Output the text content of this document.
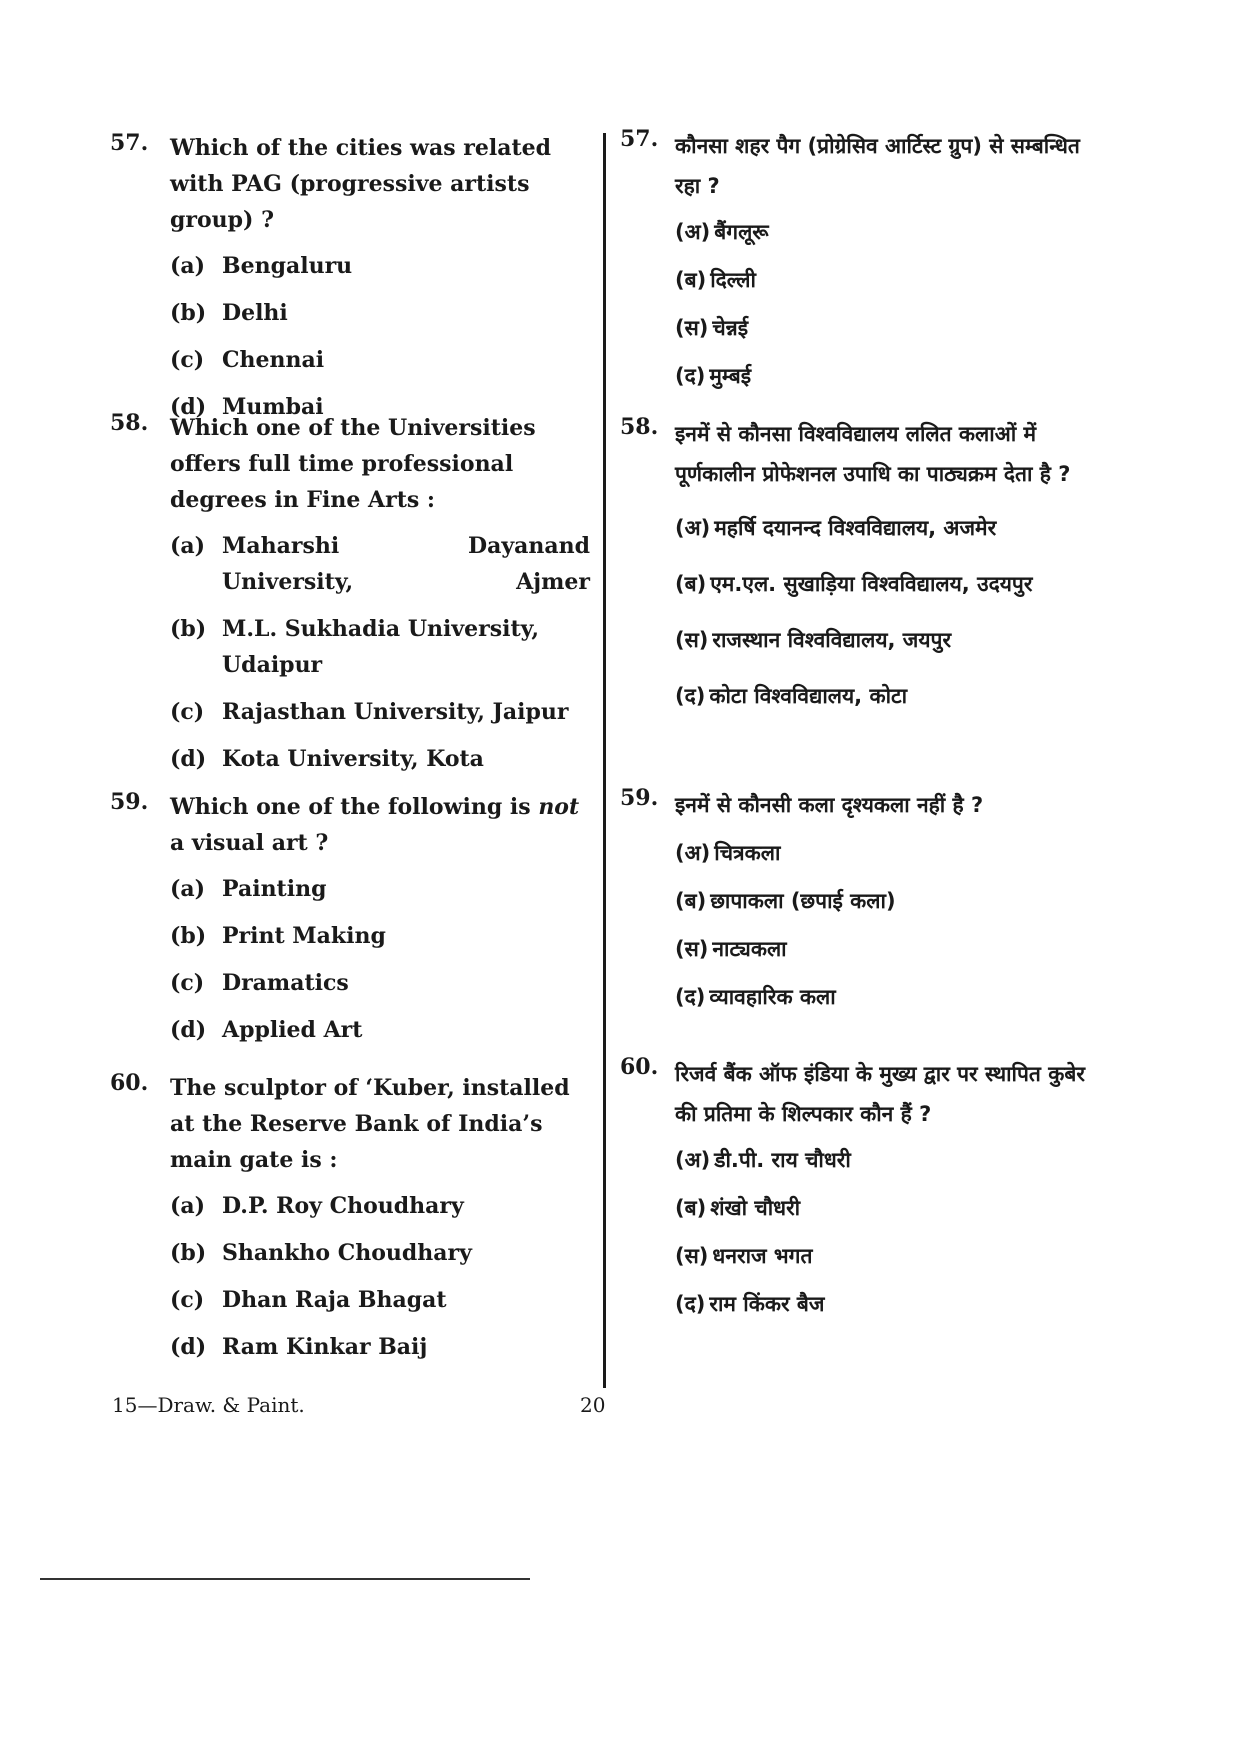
57. Which of the cities was related with PAG (progressive artists group) ?
(a) Bengaluru
(b) Delhi
(c) Chennai
(d) Mumbai
58. Which one of the Universities offers full time professional degrees in Fine Arts :
(a) Maharshi Dayanand University, Ajmer
(b) M.L. Sukhadia University, Udaipur
(c) Rajasthan University, Jaipur
(d) Kota University, Kota
59. Which one of the following is not a visual art ?
(a) Painting
(b) Print Making
(c) Dramatics
(d) Applied Art
60. The sculptor of ‘Kuber, installed at the Reserve Bank of India’s main gate is :
(a) D.P. Roy Choudhary
(b) Shankho Choudhary
(c) Dhan Raja Bhagat
(d) Ram Kinkar Baij
57. कौनसा शहर पैग (प्रोग्रेसिव आर्टिस्ट ग्रुप) से सम्बन्धित रहा ?
(अ) बैंगलूरू
(ब) दिल्ली
(स) चेन्नई
(द) मुम्बई
58. इनमें से कौनसा विश्वविद्यालय ललित कलाओं में पूर्णकालीन प्रोफेशनल उपाधि का पाठ्यक्रम देता है ?
(अ) महर्षि दयानन्द विश्वविद्यालय, अजमेर
(ब) एम.एल. सुखाड़िया विश्वविद्यालय, उदयपुर
(स) राजस्थान विश्वविद्यालय, जयपुर
(द) कोटा विश्वविद्यालय, कोटा
59. इनमें से कौनसी कला दृश्यकला नहीं है ?
(अ) चित्रकला
(ब) छापाकला (छपाई कला)
(स) नाट्यकला
(द) व्यावहारिक कला
60. रिजर्व बैंक ऑफ इंडिया के मुख्य द्वार पर स्थापित कुबेर की प्रतिमा के शिल्पकार कौन हैं ?
(अ) डी.पी. राय चौधरी
(ब) शंखो चौधरी
(स) धनराज भगत
(द) राम किंकर बैज
15—Draw. & Paint.	20
